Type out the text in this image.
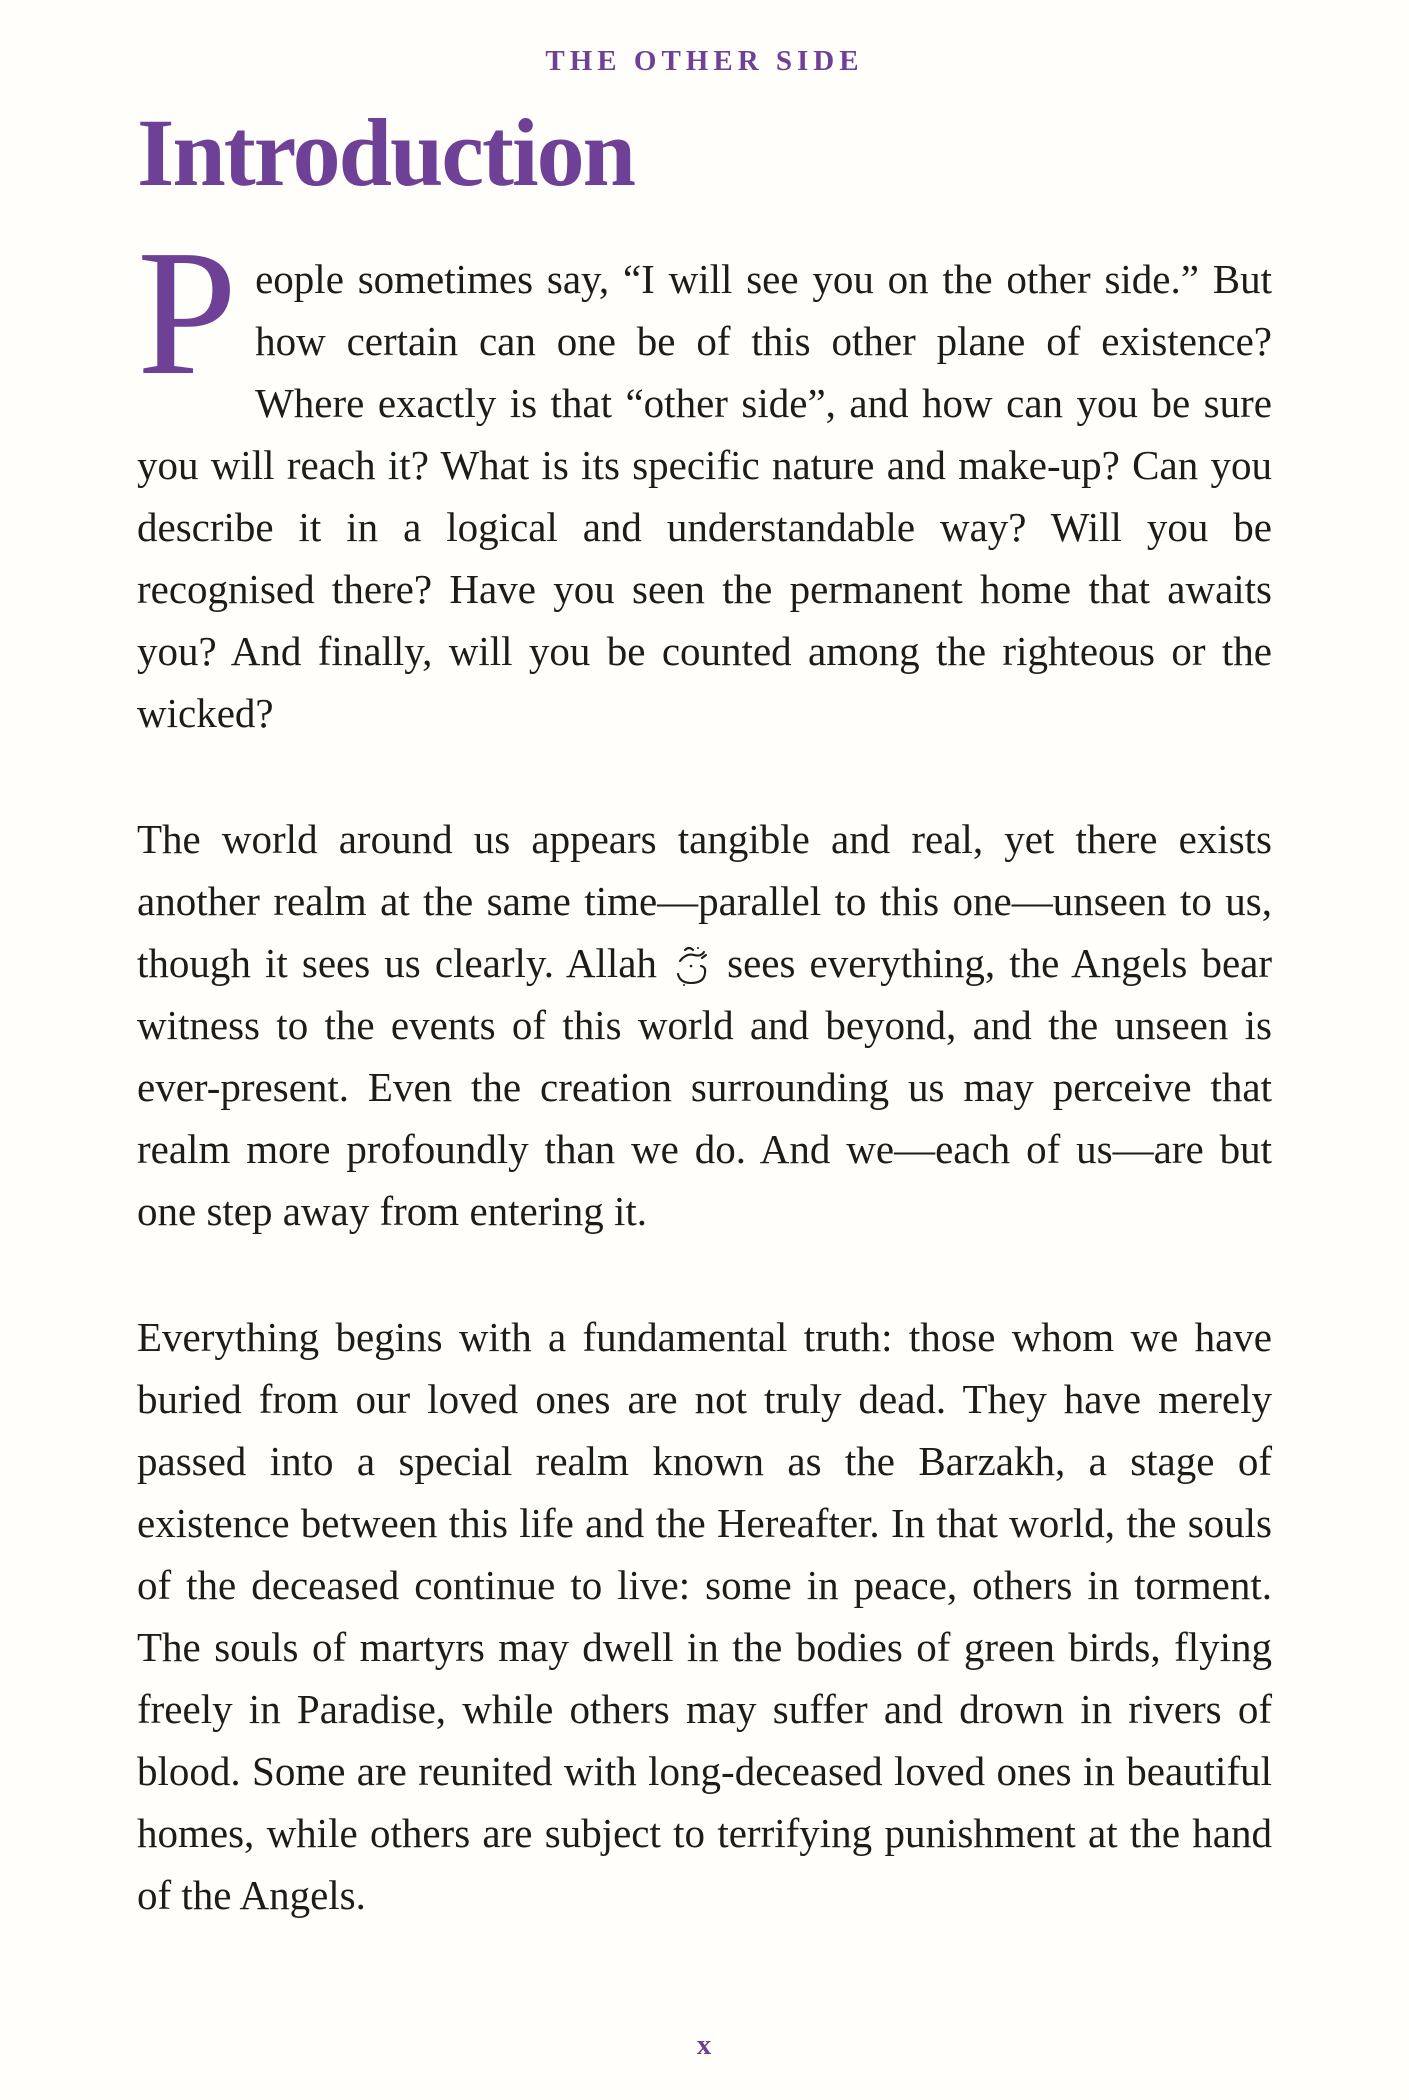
THE OTHER SIDE
Introduction

People sometimes say, “I will see you on the other side.” But how certain can one be of this other plane of existence? Where exactly is that “other side”, and how can you be sure you will reach it? What is its specific nature and make-up? Can you describe it in a logical and understandable way? Will you be recognised there? Have you seen the permanent home that awaits you? And finally, will you be counted among the righteous or the wicked?

The world around us appears tangible and real, yet there exists another realm at the same time—parallel to this one—unseen to us, though it sees us clearly. Allah
sees everything, the Angels bear witness to the events of this world and beyond, and the unseen is ever-present. Even the creation surrounding us may perceive that realm more profoundly than we do. And we—each of us—are but one step away from entering it.

Everything begins with a fundamental truth: those whom we have buried from our loved ones are not truly dead. They have merely passed into a special realm known as the Barzakh, a stage of existence between this life and the Hereafter. In that world, the souls of the deceased continue to live: some in peace, others in torment. The souls of martyrs may dwell in the bodies of green birds, flying freely in Paradise, while others may suffer and drown in rivers of blood. Some are reunited with long-deceased loved ones in beautiful homes, while others are subject to terrifying punishment at the hand of the Angels.

x
